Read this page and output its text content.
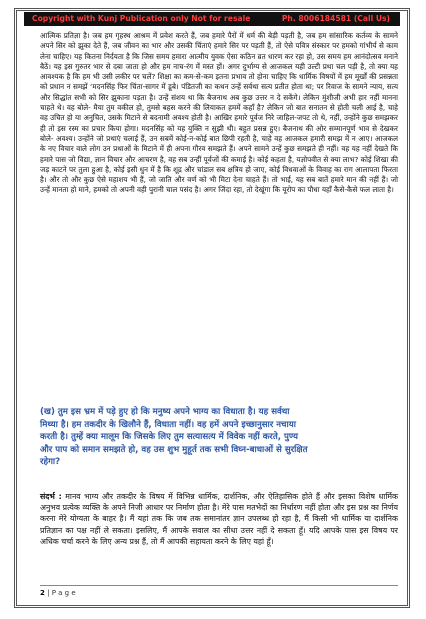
Copyright with Kunj Publication only Not for resale	Ph. 8006184581 (Call Us)
आत्मिक प्रतिज्ञा है। जब हम गृहस्थ आश्रम में प्रवेश करते हैं, जब हमारे पैरों में धर्म की बेड़ी पड़ती है, जब हम सांसारिक कर्तव्य के सामने अपने सिर को झुका देते हैं, जब जीवन का भार और उसकी चिंताएं हमारे सिर पर पड़ती हैं, तो ऐसे पवित्र संस्कार पर हमको गांभीर्य से काम लेना चाहिए। यह कितना निर्दयता है कि जिस समय हमारा आत्मीय युवक ऐसा कठिन व्रत धारण कर रहा हो, उस समय हम आनंदोत्सव मनाने बैठें। यह इस गुरुतर भार से दबा जाता हो और हम नाच-रंग में मस्त हों। अगर दुर्भाग्य से आजकल यही उल्टी प्रथा चल पड़ी है, तो क्या यह आवश्यक है कि हम भी उसी लकीर पर चलें? शिक्षा का कम-से-कम इतना प्रभाव तो होना चाहिए कि धार्मिक विषयों में हम मूर्खों की प्रसन्नता को प्रधान न समझें ‘मदनसिंह फिर चिंता-सागर में डूबे। पंडितजी का कथन उन्हें सर्वथा सत्य प्रतीत होता था; पर रिवाज के सामने न्याय, सत्य और सिद्धांत सभी को सिर झुकाना पड़ता है। उन्हें संशय था कि बैजनाथ अब कुछ उत्तर न दे सकेंगे। लेकिन मुंशीजी अभी हार नहीं मानना चाहते थे। वह बोले- मैया तुम वकील हो, तुमसे बहस करने की लियाकत हममें कहाँ है? लेकिन जो बात सनातन से होती चली आई है, चाहे वह उचित हो या अनुचित, उसके मिटाने से बदनामी अवश्य होती है। आखिर हमारे पूर्वज निरे जाहिल-जपट तो थे, नहीं, उन्होंने कुछ समझकर ही तो इस रस्म का प्रचार किया होगा। मदनसिंह को यह युक्ति न सुझी थी। बहुत प्रसन्न हुए। बैजनाथ की ओर सम्मानपूर्ण भाव से देखकर बोले- अवश्य। उन्होंने जो प्रथाएं चलाई हैं, उन सबमें कोई-न-कोई बात छिपी रहती है, चाहे वह आजकल हमारी समझ में न आए। आजकल के नए विचार वाले लोग उन प्रथाओं के मिटाने में ही अपना गौरव समझते हैं। अपने सामने उन्हें कुछ समझते ही नहीं। वह यह नहीं देखते कि हमारे पास जो विद्या, ज्ञान विचार और आचरण है, वह सब उन्हीं पूर्वजों की कमाई है। कोई कहता है, यज्ञोपवीत से क्या लाभ? कोई शिखा की जड़ काटने पर तुला हुआ है, कोई इसी धुन में है कि शूद्र और चांडाल सब क्षत्रिय हो जाए, कोई विधवाओं के विवाह का राग आलापता फिरता है। और तो और कुछ ऐसे महाशय भी हैं, जो जाति और वर्ण को भी मिटा देना चाहते हैं। तो भाई, यह सब बातें हमारे मान की नहीं हैं। जो उन्हें मानता हो माने, हमको तो अपनी वही पुरानी चाल पसंद है। अगर जिंदा रहा, तो देखूंगा कि यूरोप का पौधा यहाँ कैसे-कैसे फल लाता है।
(ख) तुम इस भ्रम में पड़े हुए हो कि मनुष्य अपने भाग्य का विधाता है। यह सर्वथा मिथ्या है। हम तकदीर के खिलौने हैं, विधाता नहीं। वह हमें अपने इच्छानुसार नचाया करती है। तुम्हें क्या मालूम कि जिसके लिए तुम सत्यासत्य में विवेक नहीं करते, पुण्य और पाप को समान समझते हो, वह उस शुभ मुहूर्त तक सभी विघ्न-बाधाओं से सुरक्षित रहेगा?
संदर्भ : मानव भाग्य और तकदीर के विषय में विभिन्न धार्मिक, दार्शनिक, और ऐतिहासिक होते हैं और इसका विशेष धार्मिक अनुभव प्रत्येक व्यक्ति के अपने निजी आधार पर निर्माण होता है। मेरे पास मतभेदों का निर्धारण नहीं होता और इस प्रश्न का निर्णय करना मेरे योग्यता के बाहर है। मैं यहां तक कि जब तक समानांतर ज्ञान उपलब्ध हो रहा है, मैं किसी भी धार्मिक या दार्शनिक प्रतिज्ञान का पक्ष नहीं ले सकता। इसलिए, मैं आपके सवाल का सीधा उत्तर नहीं दे सकता हूँ। यदि आपके पास इस विषय पर अधिक चर्चा करने के लिए अन्य प्रश्न हैं, तो मैं आपकी सहायता करने के लिए यहां हूँ।
2 | P a g e
